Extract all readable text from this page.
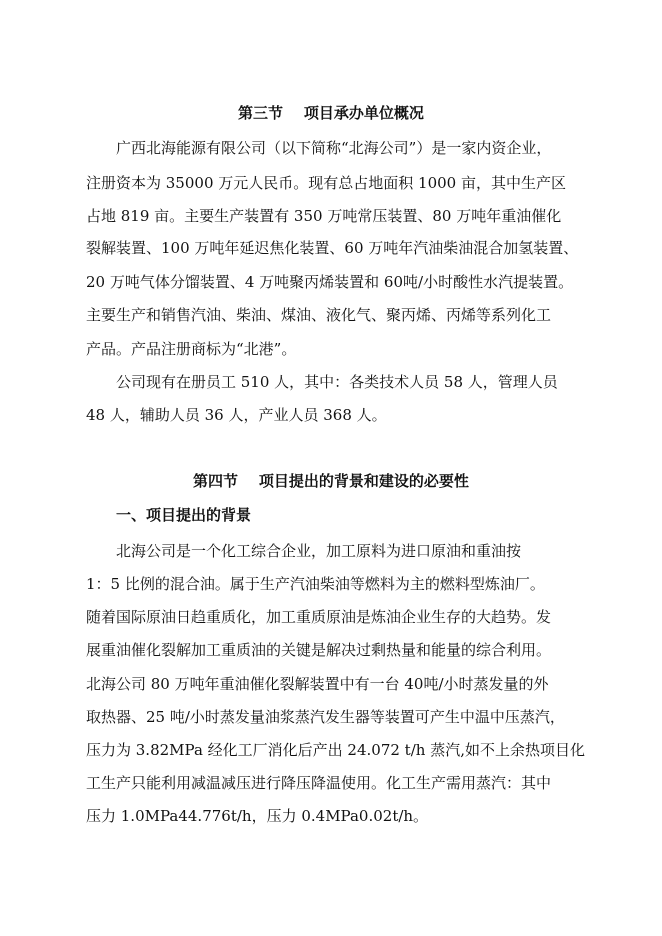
第三节    项目承办单位概况
广西北海能源有限公司（以下简称“北海公司”）是一家内资企业，
注册资本为 35000 万元人民币。现有总占地面积 1000 亩，其中生产区
占地 819 亩。主要生产装置有 350 万吨常压装置、80 万吨年重油催化
裂解装置、100 万吨年延迟焦化装置、60 万吨年汽油柴油混合加氢装置、
20 万吨气体分馏装置、4 万吨聚丙烯装置和 60吨/小时酸性水汽提装置。
主要生产和销售汽油、柴油、煤油、液化气、聚丙烯、丙烯等系列化工
产品。产品注册商标为“北港”。
公司现有在册员工 510 人，其中：各类技术人员 58 人，管理人员
48 人，辅助人员 36 人，产业人员 368 人。
第四节    项目提出的背景和建设的必要性
一、项目提出的背景
北海公司是一个化工综合企业，加工原料为进口原油和重油按
1：5 比例的混合油。属于生产汽油柴油等燃料为主的燃料型炼油厂。
随着国际原油日趋重质化，加工重质原油是炼油企业生存的大趋势。发
展重油催化裂解加工重质油的关键是解决过剩热量和能量的综合利用。
北海公司 80 万吨年重油催化裂解装置中有一台 40吨/小时蒸发量的外
取热器、25 吨/小时蒸发量油浆蒸汽发生器等装置可产生中温中压蒸汽，
压力为 3.82MPa 经化工厂消化后产出 24.072 t/h 蒸汽,如不上余热项目化
工生产只能利用减温减压进行降压降温使用。化工生产需用蒸汽：其中
压力 1.0MPa44.776t/h，压力 0.4MPa0.02t/h。
